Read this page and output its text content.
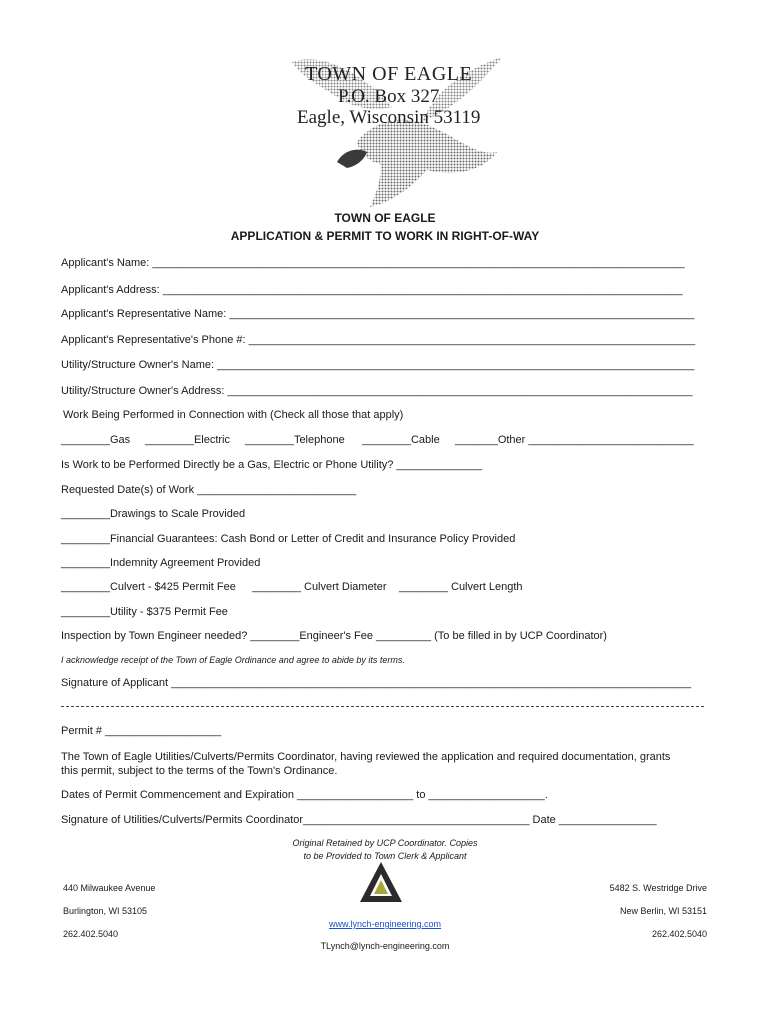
TOWN OF EAGLE
P.O. Box 327
Eagle, Wisconsin 53119
TOWN OF EAGLE
APPLICATION & PERMIT TO WORK IN RIGHT-OF-WAY
Applicant's Name: _______________________________________________________________________________________
Applicant's Address: _____________________________________________________________________________________
Applicant's Representative Name: ____________________________________________________________________________
Applicant's Representative's Phone #: _________________________________________________________________________
Utility/Structure Owner's Name: ______________________________________________________________________________
Utility/Structure Owner's Address: ____________________________________________________________________________
Work Being Performed in Connection with (Check all those that apply)
________Gas ________Electric ________Telephone ________Cable _______Other ___________________________
Is Work to be Performed Directly be a Gas, Electric or Phone Utility? ______________
Requested Date(s) of Work __________________________
________Drawings to Scale Provided
________Financial Guarantees: Cash Bond or Letter of Credit and Insurance Policy Provided
________Indemnity Agreement Provided
________Culvert - $425 Permit Fee ________ Culvert Diameter ________ Culvert Length
________Utility - $375 Permit Fee
Inspection by Town Engineer needed? ________Engineer's Fee _________ (To be filled in by UCP Coordinator)
I acknowledge receipt of the Town of Eagle Ordinance and agree to abide by its terms.
Signature of Applicant _____________________________________________________________________________________
Permit # ___________________
The Town of Eagle Utilities/Culverts/Permits Coordinator, having reviewed the application and required documentation, grants
this permit, subject to the terms of the Town's Ordinance.
Dates of Permit Commencement and Expiration ___________________ to ___________________.
Signature of Utilities/Culverts/Permits Coordinator_____________________________________ Date ________________
Original Retained by UCP Coordinator. Copies
to be Provided to Town Clerk & Applicant
440 Milwaukee Avenue
Burlington, WI 53105
262.402.5040
5482 S. Westridge Drive
New Berlin, WI 53151
262.402.5040
www.lynch-engineering.com
TLynch@lynch-engineering.com
